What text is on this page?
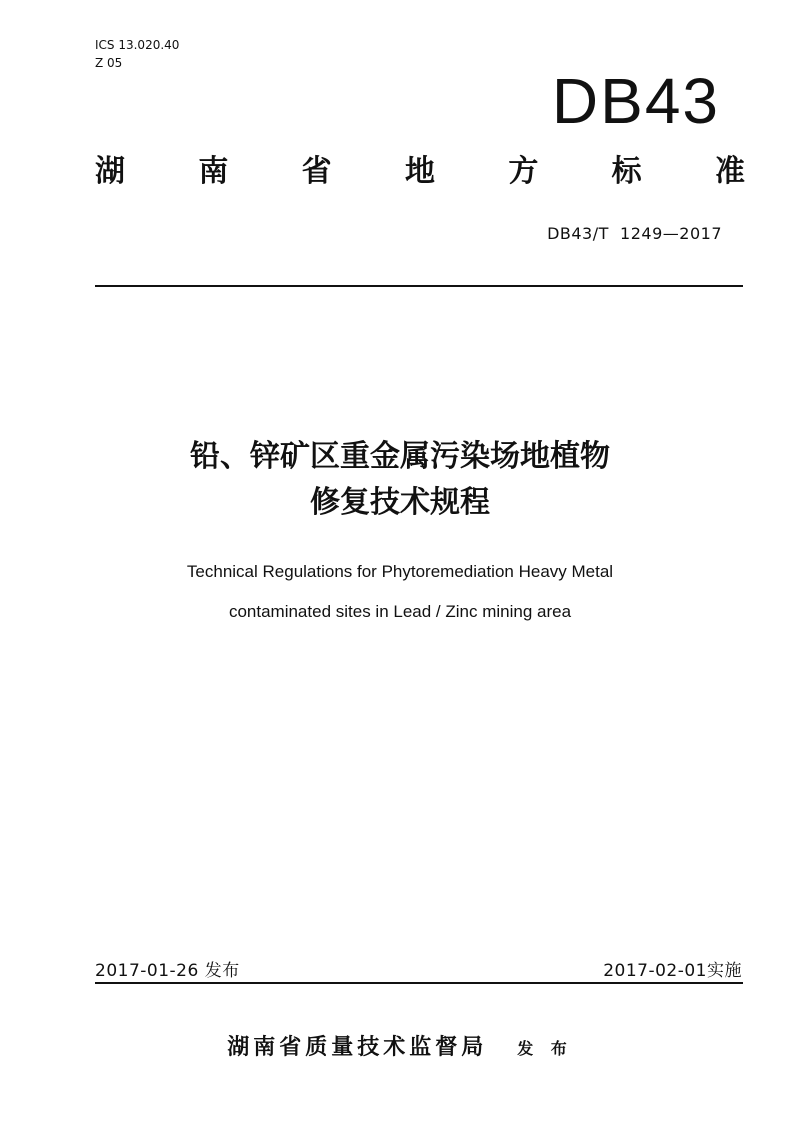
ICS 13.020.40
Z 05
DB43
湖 南 省 地 方 标 准
DB43/T  1249—2017
铅、锌矿区重金属污染场地植物
修复技术规程
Technical Regulations for Phytoremediation Heavy Metal
contaminated sites in Lead / Zinc mining area
2017-01-26 发布	2017-02-01实施
湖南省质量技术监督局 发 布
